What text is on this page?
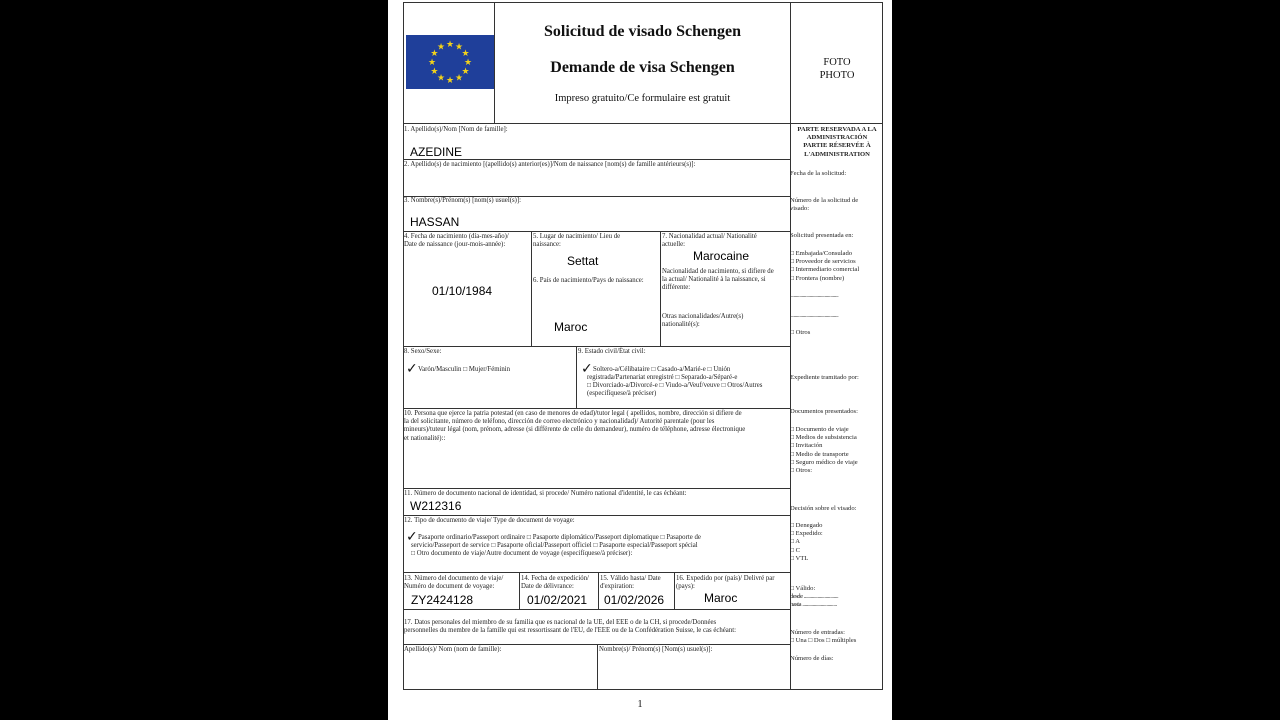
★ ★
★
★
★
★
★
★
★
★
★
★
Solicitud de visado Schengen
Demande de visa Schengen
Impreso gratuito/Ce formulaire est gratuit
FOTO
PHOTO
PARTE RESERVADA A LA
ADMINISTRACIÓN
PARTIE RÉSERVÉE À
L'ADMINISTRATION
Fecha de la solicitud:
Número de la solicitud de
visado:
Solicitud presentada en:
□ Embajada/Consulado
□ Proveedor de servicios
□ Intermediario comercial
□ Frontera (nombre)
..........................................
..........................................
□ Otros
Expediente tramitado por:
Documentos presentados:
□ Documento de viaje
□ Medios de subsistencia
□ Invitación
□ Medio de transporte
□ Seguro médico de viaje
□ Otros:
Decisión sobre el visado:
□ Denegado
□ Expedido:
□ A
□ C
□ VTL
□ Válido:
desde ..............................
hasta ..............................
Número de entradas:
□ Una □ Dos □ múltiples
Número de días:
1. Apellido(s)/Nom [Nom de famille]:
AZEDINE
2. Apellido(s) de nacimiento [(apellido(s) anterior(es)]/Nom de naissance [nom(s) de famille antérieurs(s)]:
3. Nombre(s)/Prénom(s) [nom(s) usuel(s)]:
HASSAN
4. Fecha de nacimiento (día-mes-año)/
Date de naissance (jour-mois-année):
01/10/1984
5. Lugar de nacimiento/ Lieu de
naissance:
Settat
6. País de nacimiento/Pays de naissance:
Maroc
7. Nacionalidad actual/ Nationalité
actuelle:
Marocaine
Nacionalidad de nacimiento, si difiere de
la actual/ Nationalité à la naissance, si
différente:
Otras nacionalidades/Autre(s)
nationalité(s):
8. Sexo/Sexe:
✓ Varón/Masculin □ Mujer/Féminin
9. Estado civil/État civil:
✓ Soltero-a/Célibataire □ Casado-a/Marié-e □ Unión
registrada/Partenariat enregistré □ Separado-a/Séparé-e
□ Divorciado-a/Divorcé-e □ Viudo-a/Veuf/veuve □ Otros/Autres
(especifíquese/à préciser)
10. Persona que ejerce la patria potestad (en caso de menores de edad)/tutor legal ( apellidos, nombre, dirección si difiere de
la del solicitante, número de teléfono, dirección de correo electrónico y nacionalidad)/ Autorité parentale (pour les
mineurs)/tuteur légal (nom, prénom, adresse (si différente de celle du demandeur), numéro de téléphone, adresse électronique
et nationalité)::
11. Número de documento nacional de identidad, si procede/ Numéro national d'identité, le cas échéant:
W212316
12. Tipo de documento de viaje/ Type de document de voyage:
✓ Pasaporte ordinario/Passeport ordinaire □ Pasaporte diplomático/Passeport diplomatique □ Pasaporte de
servicio/Passeport de service □ Pasaporte oficial/Passeport officiel □ Pasaporte especial/Passeport spécial
□ Otro documento de viaje/Autre document de voyage (especifíquese/à préciser):
13. Número del documento de viaje/
Numéro de document de voyage:
ZY2424128
14. Fecha de expedición/
Date de délivrance:
01/02/2021
15. Válido hasta/ Date
d'expiration:
01/02/2026
16. Expedido por (país)/ Delivré par
(pays):
Maroc
17. Datos personales del miembro de su familia que es nacional de la UE, del EEE o de la CH, si procede/Données
personnelles du membre de la famille qui est ressortissant de l'EU, de l'EEE ou de la Confédération Suisse, le cas échéant:
Apellido(s)/ Nom (nom de famille):	Nombre(s)/ Prénom(s) [Nom(s) usuel(s)]:
1
